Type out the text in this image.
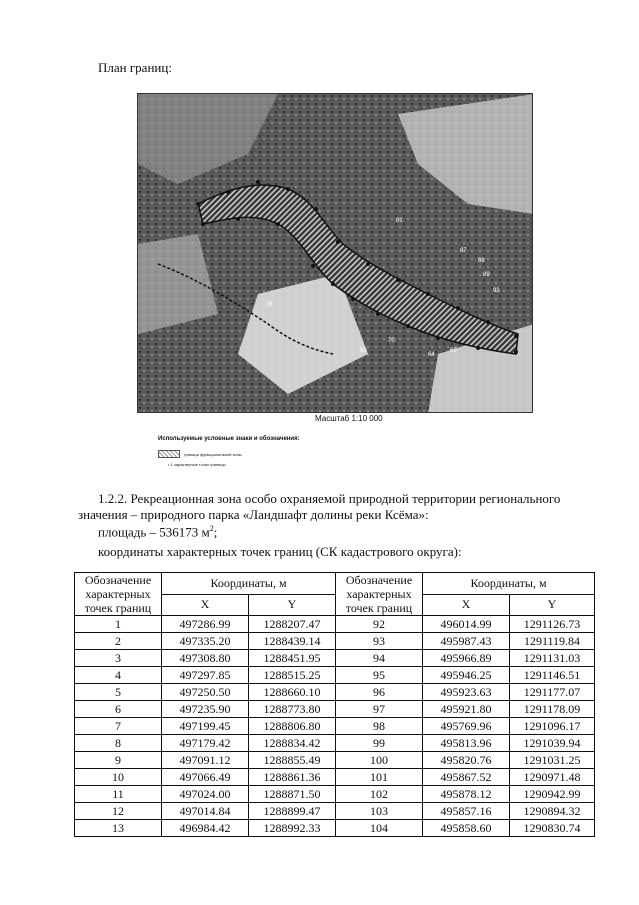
План границ:
81
87
88
89
26
63
64
65
70
93
Масштаб 1:10 000
Используемые условные знаки и обозначения:
граница функциональной зоны
• 1 характерные точки границы
1.2.2. Рекреационная зона особо охраняемой природной территории регионального
значения – природного парка «Ландшафт долины реки Ксёма»:
площадь – 536173 $м^2$;
координаты характерных точек границ (СК кадастрового округа):
Обозначение характерных точек границ	Координаты, м		Обозначение характерных точек границ	Координаты, м	
	X	Y		X	Y
1	497286.99	1288207.47	92	496014.99	1291126.73
2	497335.20	1288439.14	93	495987.43	1291119.84
3	497308.80	1288451.95	94	495966.89	1291131.03
4	497297.85	1288515.25	95	495946.25	1291146.51
5	497250.50	1288660.10	96	495923.63	1291177.07
6	497235.90	1288773.80	97	495921.80	1291178.09
7	497199.45	1288806.80	98	495769.96	1291096.17
8	497179.42	1288834.42	99	495813.96	1291039.94
9	497091.12	1288855.49	100	495820.76	1291031.25
10	497066.49	1288861.36	101	495867.52	1290971.48
11	497024.00	1288871.50	102	495878.12	1290942.99
12	497014.84	1288899.47	103	495857.16	1290894.32
13	496984.42	1288992.33	104	495858.60	1290830.74
